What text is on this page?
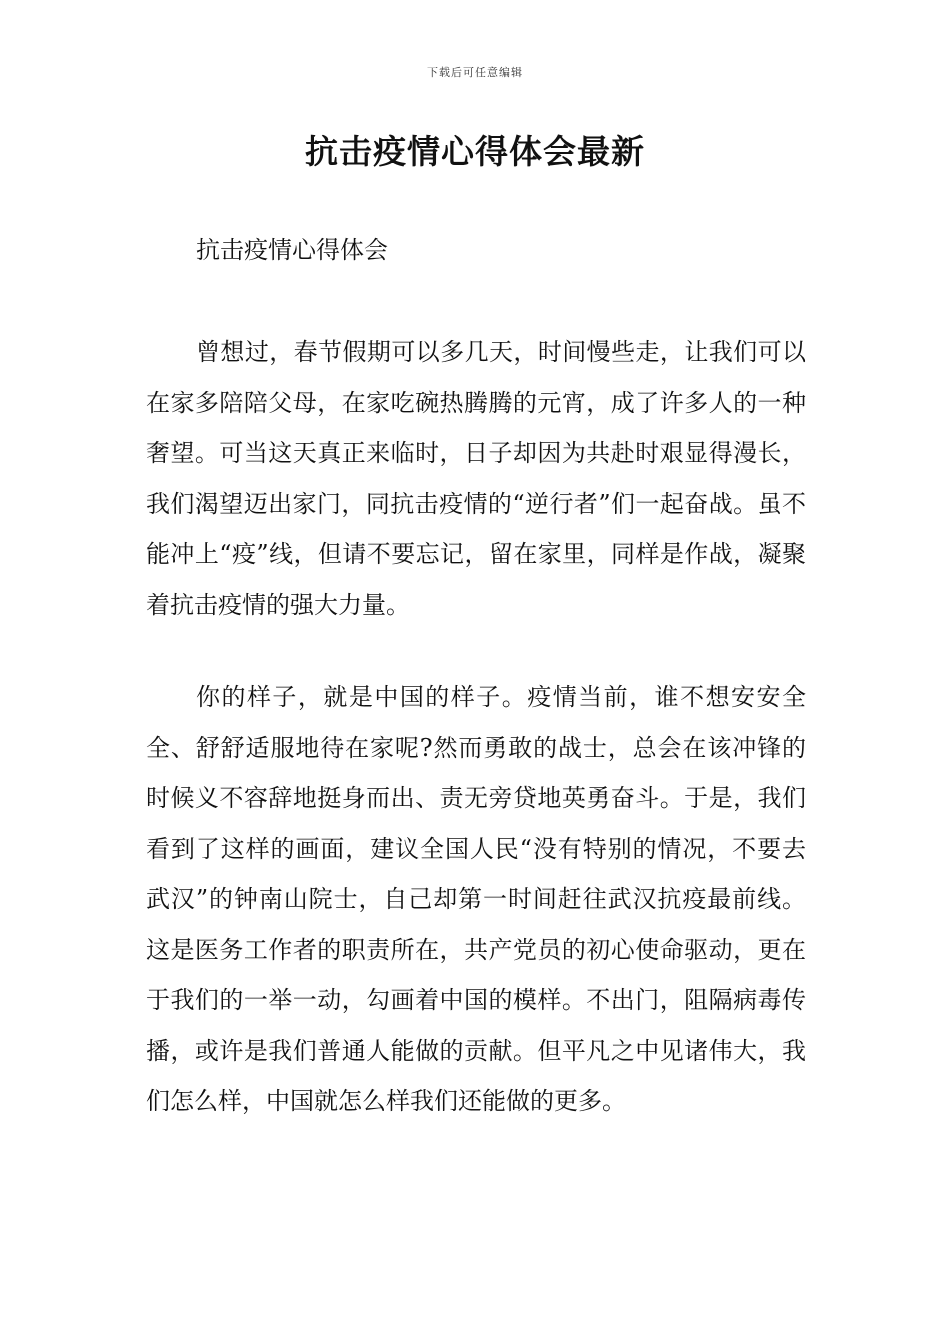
下载后可任意编辑
抗击疫情心得体会最新
抗击疫情心得体会

曾想过，春节假期可以多几天，时间慢些走，让我们可以在家多陪陪父母，在家吃碗热腾腾的元宵，成了许多人的一种奢望。可当这天真正来临时，日子却因为共赴时艰显得漫长，我们渴望迈出家门，同抗击疫情的“逆行者”们一起奋战。虽不能冲上“疫”线，但请不要忘记，留在家里，同样是作战，凝聚着抗击疫情的强大力量。

你的样子，就是中国的样子。疫情当前，谁不想安安全全、舒舒适服地待在家呢?然而勇敢的战士，总会在该冲锋的时候义不容辞地挺身而出、责无旁贷地英勇奋斗。于是，我们看到了这样的画面，建议全国人民“没有特别的情况，不要去武汉”的钟南山院士，自己却第一时间赶往武汉抗疫最前线。这是医务工作者的职责所在，共产党员的初心使命驱动，更在于我们的一举一动，勾画着中国的模样。不出门，阻隔病毒传播，或许是我们普通人能做的贡献。但平凡之中见诸伟大，我们怎么样，中国就怎么样我们还能做的更多。
